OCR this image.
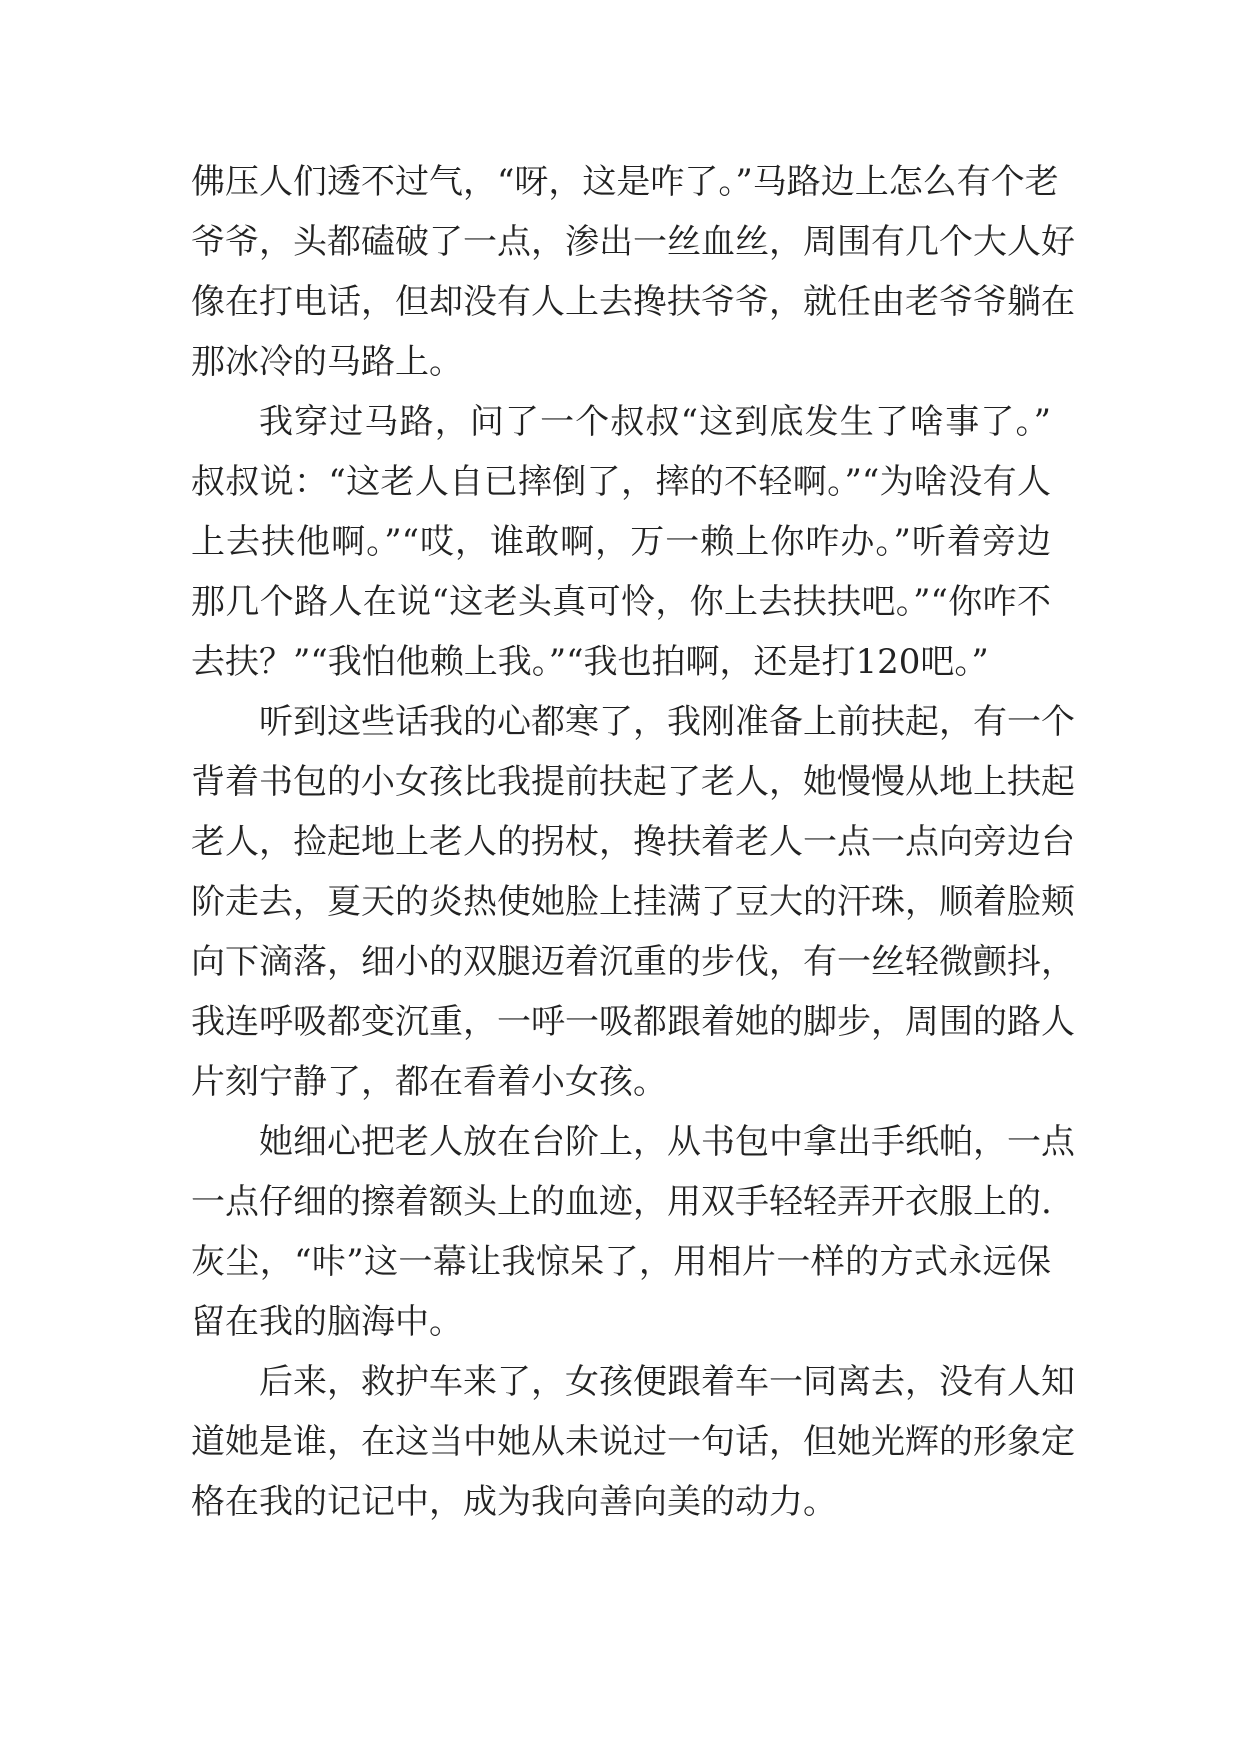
佛压人们透不过气，“呀，这是咋了。”马路边上怎么有个老
爷爷，头都磕破了一点，渗出一丝血丝，周围有几个大人好
像在打电话，但却没有人上去搀扶爷爷，就任由老爷爷躺在
那冰冷的马路上。
我穿过马路，问了一个叔叔“这到底发生了啥事了。”
叔叔说：“这老人自已摔倒了，摔的不轻啊。”“为啥没有人
上去扶他啊。”“哎，谁敢啊，万一赖上你咋办。”听着旁边
那几个路人在说“这老头真可怜，你上去扶扶吧。”“你咋不
去扶？”“我怕他赖上我。”“我也拍啊，还是打120吧。”
听到这些话我的心都寒了，我刚准备上前扶起，有一个
背着书包的小女孩比我提前扶起了老人，她慢慢从地上扶起
老人，捡起地上老人的拐杖，搀扶着老人一点一点向旁边台
阶走去，夏天的炎热使她脸上挂满了豆大的汗珠，顺着脸颊
向下滴落，细小的双腿迈着沉重的步伐，有一丝轻微颤抖，
我连呼吸都变沉重，一呼一吸都跟着她的脚步，周围的路人
片刻宁静了，都在看着小女孩。
她细心把老人放在台阶上，从书包中拿出手纸帕，一点
一点仔细的擦着额头上的血迹，用双手轻轻弄开衣服上的.
灰尘，“咔”这一幕让我惊呆了，用相片一样的方式永远保
留在我的脑海中。
后来，救护车来了，女孩便跟着车一同离去，没有人知
道她是谁，在这当中她从未说过一句话，但她光辉的形象定
格在我的记记中，成为我向善向美的动力。
